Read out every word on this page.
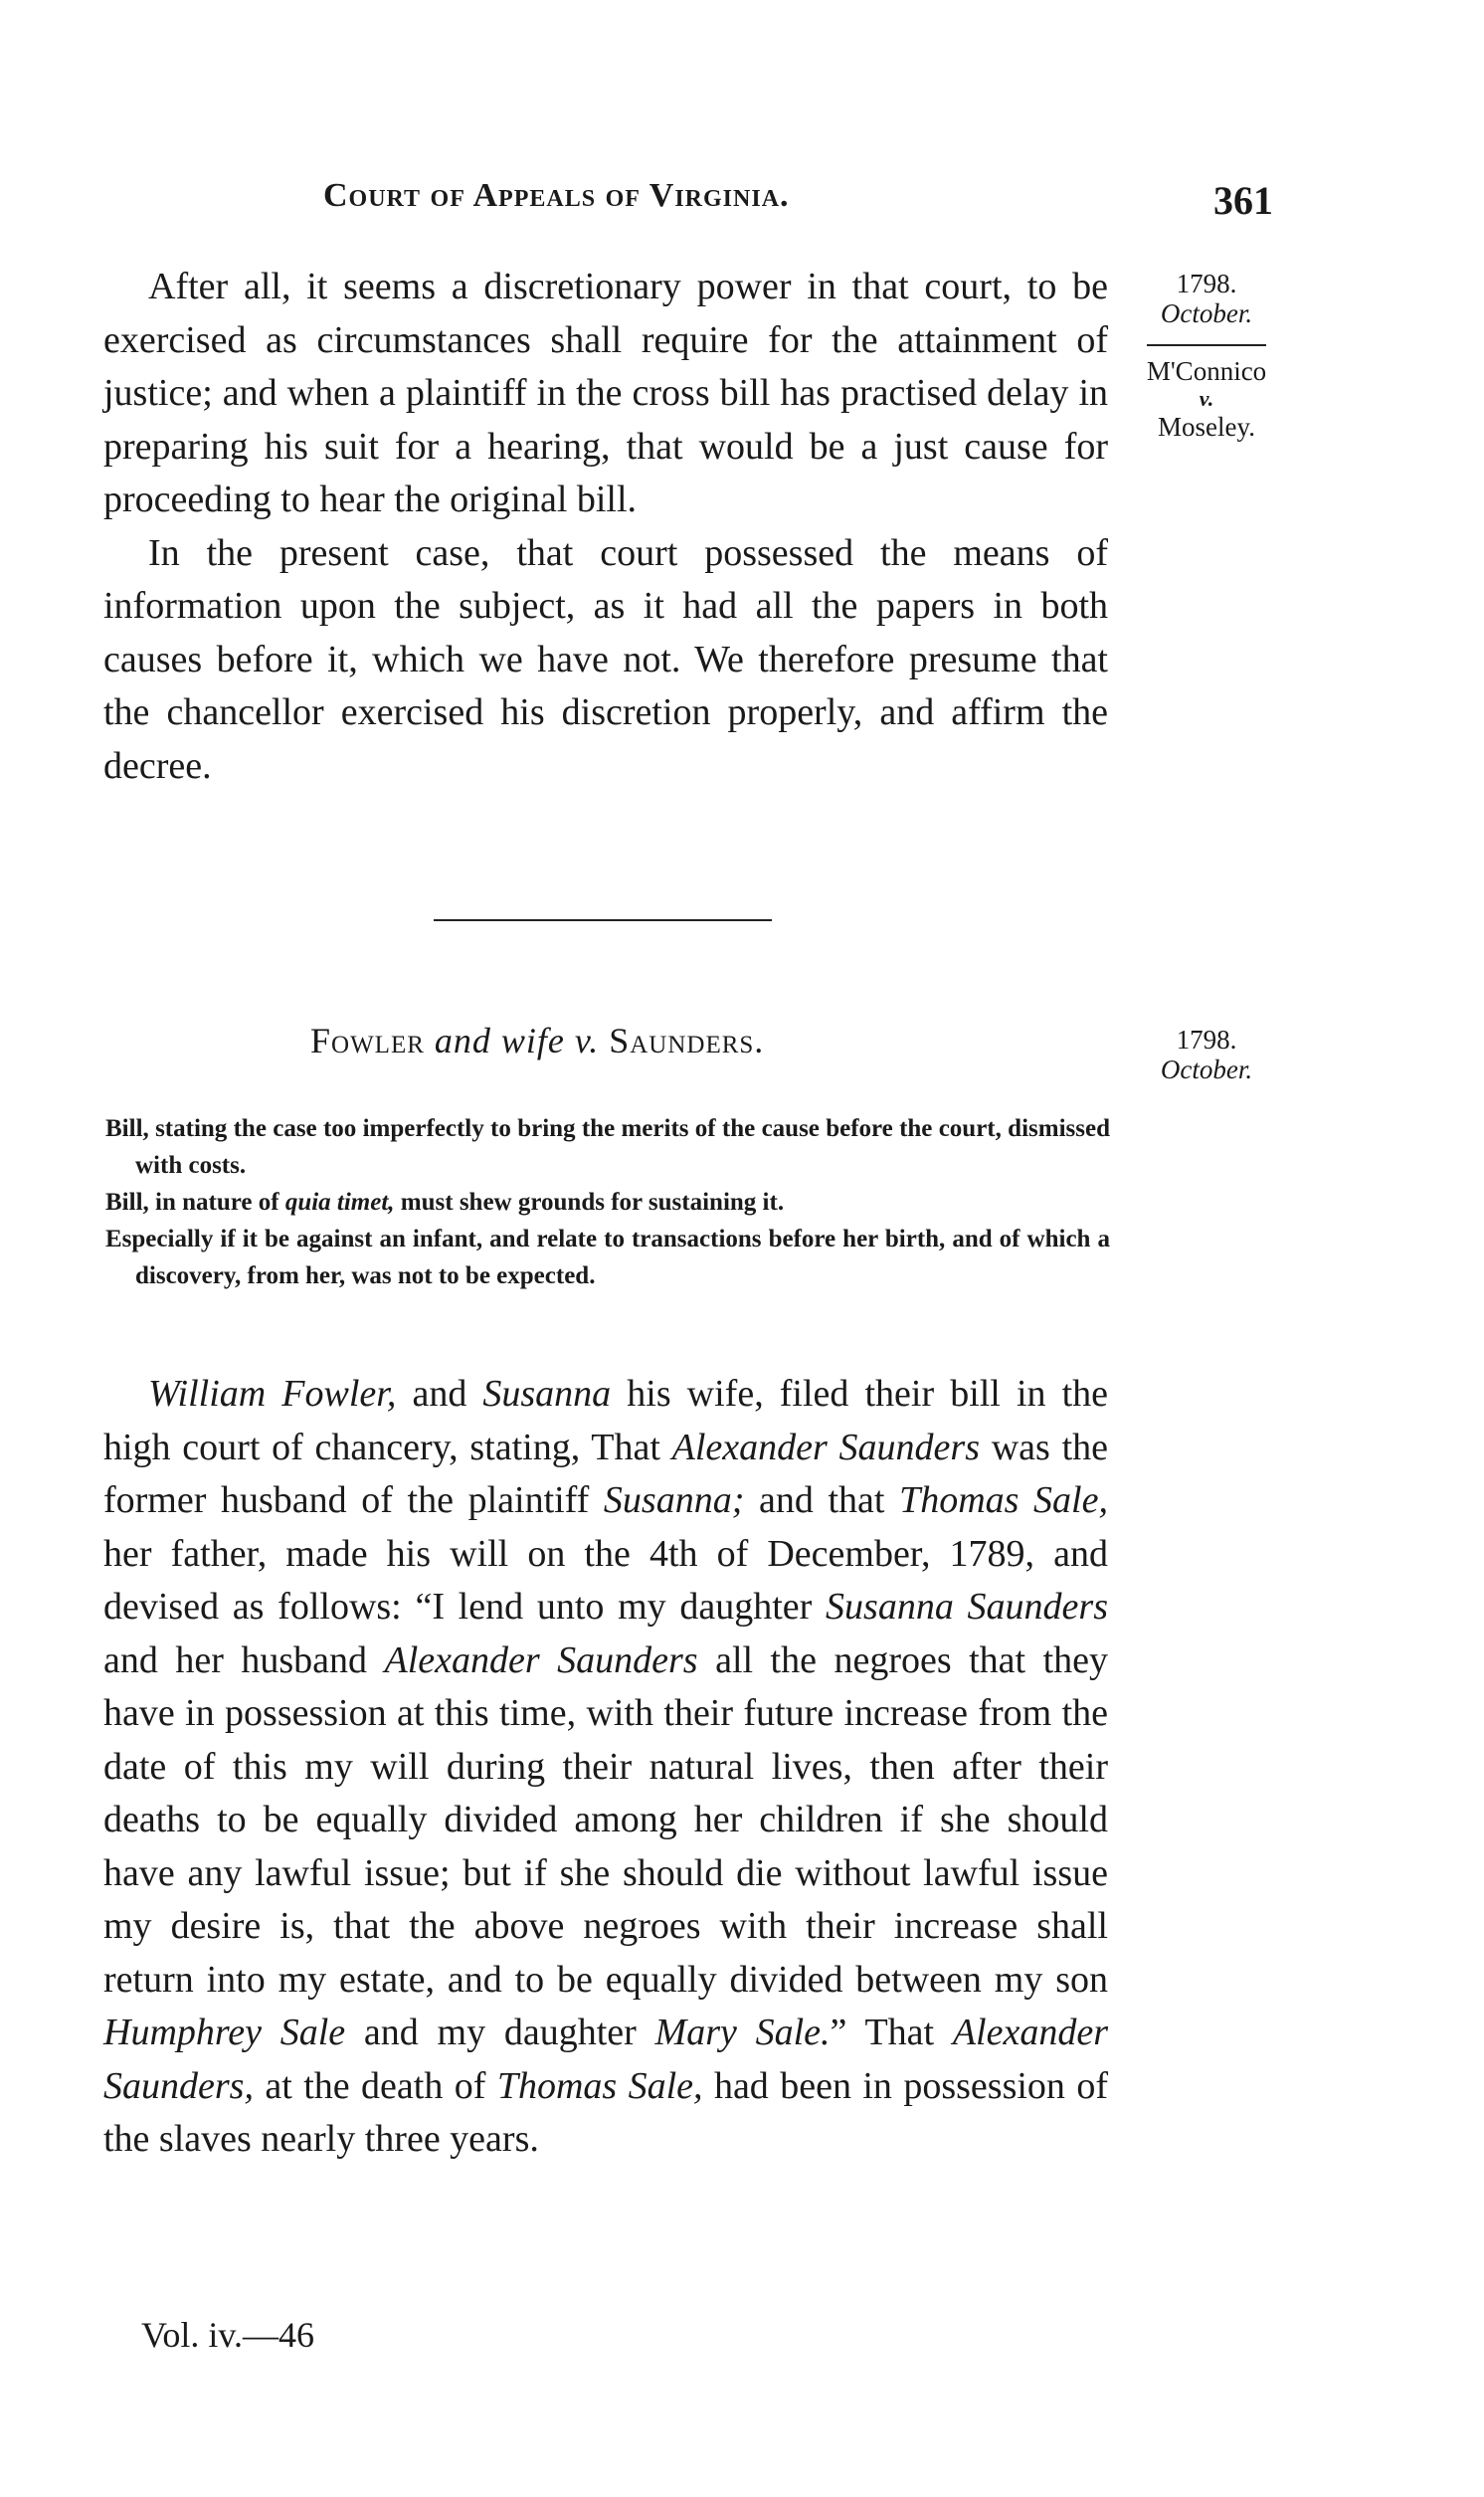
Court of Appeals of Virginia.	361

After all, it seems a discretionary power in that court, to be exercised as circumstances shall require for the attainment of justice; and when a plaintiff in the cross bill has practised delay in preparing his suit for a hearing, that would be a just cause for proceeding to hear the original bill.

In the present case, that court possessed the means of information upon the subject, as it had all the papers in both causes before it, which we have not. We therefore presume that the chancellor exercised his discretion properly, and affirm the decree.

1798.
October.
M'Connico
v.
Moseley.
Fowler and wife v. Saunders.	1798.
October.

Bill, stating the case too imperfectly to bring the merits of the cause before the court, dismissed with costs.

Bill, in nature of quia timet, must shew grounds for sustaining it.

Especially if it be against an infant, and relate to transactions before her birth, and of which a discovery, from her, was not to be expected.

William Fowler, and Susanna his wife, filed their bill in the high court of chancery, stating, That Alexander Saunders was the former husband of the plaintiff Susanna; and that Thomas Sale, her father, made his will on the 4th of December, 1789, and devised as follows: “I lend unto my daughter Susanna Saunders and her husband Alexander Saunders all the negroes that they have in possession at this time, with their future increase from the date of this my will during their natural lives, then after their deaths to be equally divided among her children if she should have any lawful issue; but if she should die without lawful issue my desire is, that the above negroes with their increase shall return into my estate, and to be equally divided between my son Humphrey Sale and my daughter Mary Sale.” That Alexander Saunders, at the death of Thomas Sale, had been in possession of the slaves nearly three years.

Vol. iv.—46
